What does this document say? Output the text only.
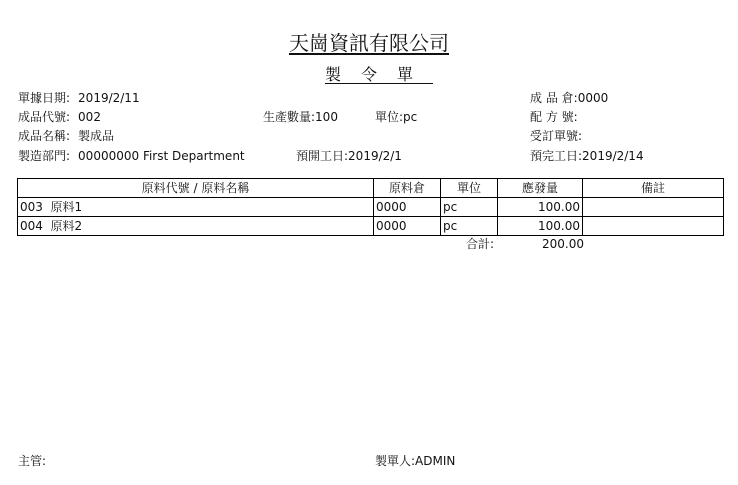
天崗資訊有限公司
製令單
單據日期: 2019/2/11
成品代號: 002
成品名稱: 製成品
製造部門: 00000000 First Department
生產數量:100	單位:pc
預開工日:2019/2/1
成 品 倉:0000
配 方 號:
受訂單號:
預完工日:2019/2/14
原料代號 / 原料名稱	原料倉	單位	應發量	備註
003  原料1	0000	pc	100.00	
004  原料2	0000	pc	100.00	
合計:	200.00
主管:	製單人:ADMIN
